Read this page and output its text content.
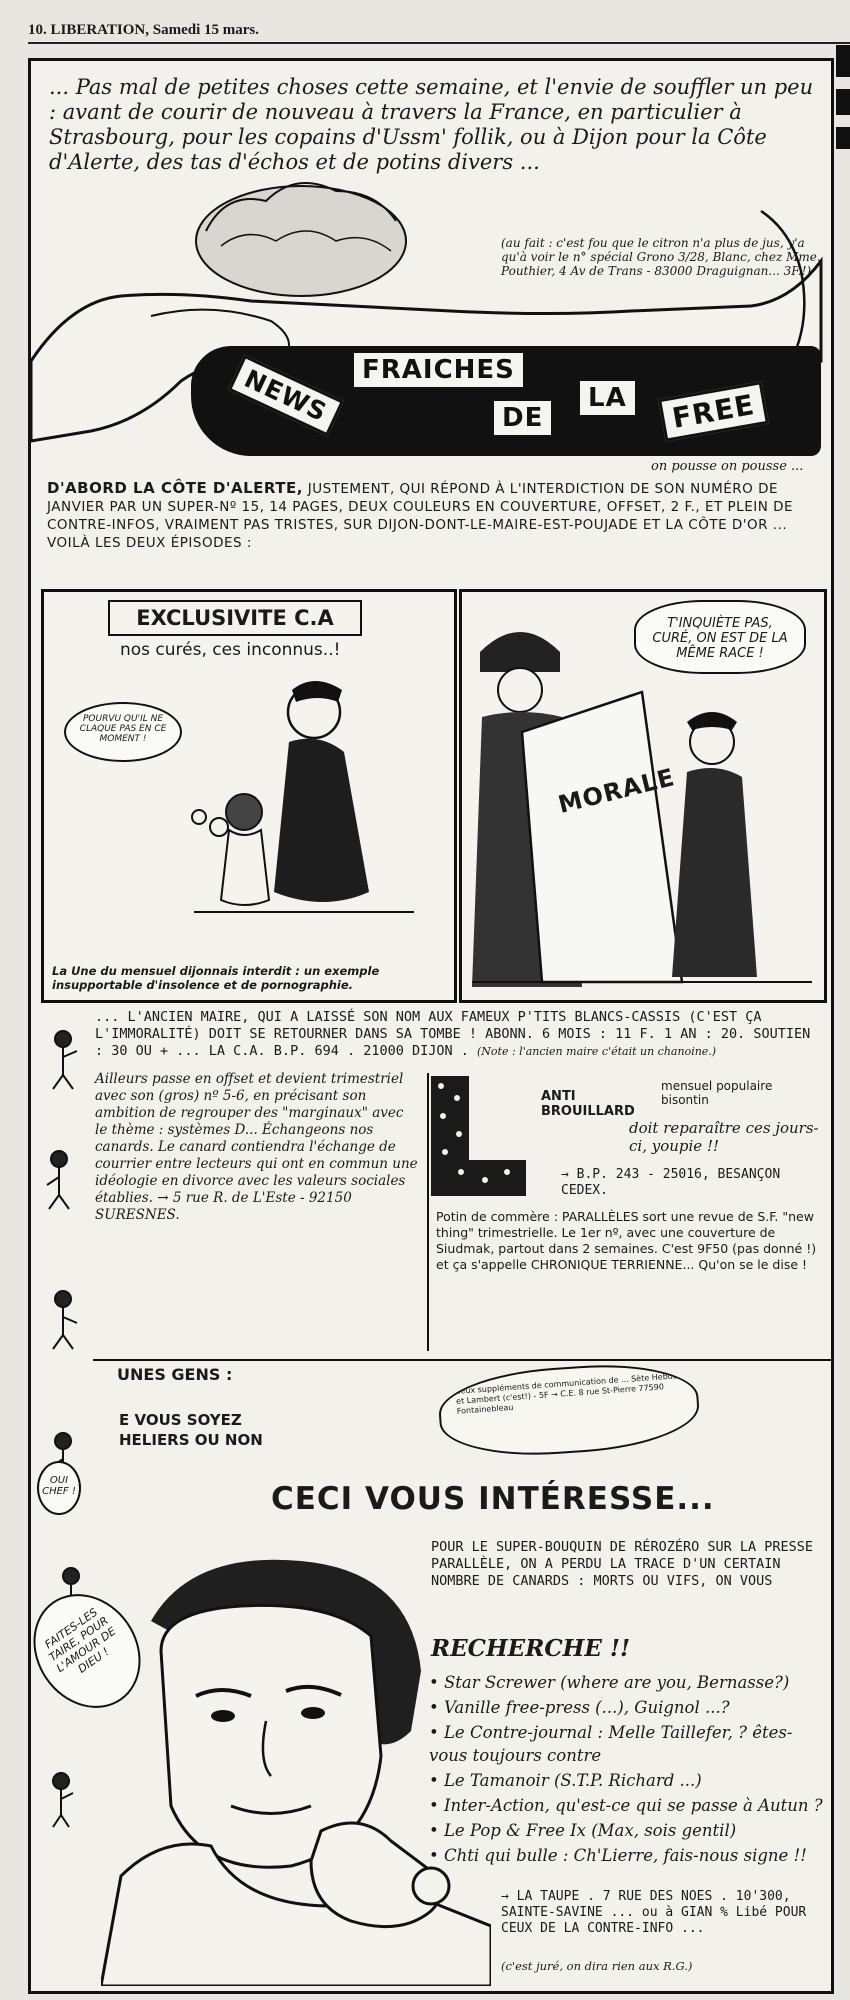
10. LIBERATION, Samedi 15 mars.
... Pas mal de petites choses cette semaine, et l'envie de souffler un peu : avant de courir de nouveau à travers la France, en particulier à Strasbourg, pour les copains d'Ussm' follik, ou à Dijon pour la Côte d'Alerte, des tas d'échos et de potins divers ...
(au fait : c'est fou que le citron n'a plus de jus, y'a qu'à voir le n° spécial Grono 3/28, Blanc, chez Mme. Pouthier, 4 Av de Trans - 83000 Draguignan... 3F.!)
NEWS	FRAICHES
DE
LA	FREE
on pousse on pousse ...
D'ABORD LA CÔTE D'ALERTE, JUSTEMENT, QUI RÉPOND À L'INTERDICTION DE SON NUMÉRO DE JANVIER PAR UN SUPER-Nº 15, 14 PAGES, DEUX COULEURS EN COUVERTURE, OFFSET, 2 F., ET PLEIN DE CONTRE-INFOS, VRAIMENT PAS TRISTES, SUR DIJON-DONT-LE-MAIRE-EST-POUJADE ET LA CÔTE D'OR ... VOILÀ LES DEUX ÉPISODES :
EXCLUSIVITE C.A
nos curés, ces inconnus..!
POURVU QU'IL NE CLAQUE PAS EN CE MOMENT !
La Une du mensuel dijonnais interdit : un exemple insupportable d'insolence et de pornographie.
T'INQUIÈTE PAS, CURÉ, ON EST DE LA MÊME RACE !
MORALE
... L'ANCIEN MAIRE, QUI A LAISSÉ SON NOM AUX FAMEUX P'TITS BLANCS-CASSIS (C'EST ÇA L'IMMORALITÉ) DOIT SE RETOURNER DANS SA TOMBE ! ABONN. 6 MOIS : 11 F. 1 AN : 20. SOUTIEN : 30 OU + ... LA C.A. B.P. 694 . 21000 DIJON . (Note : l'ancien maire c'était un chanoine.)
Ailleurs passe en offset et devient trimestriel avec son (gros) nº 5-6, en précisant son ambition de regrouper des "marginaux" avec le thème : systèmes D... Échangeons nos canards. Le canard contiendra l'échange de courrier entre lecteurs qui ont en commun une idéologie en divorce avec les valeurs sociales établies. → 5 rue R. de L'Este - 92150 SURESNES.
ANTI BROUILLARD
mensuel populaire bisontin
doit reparaître ces jours-ci, youpie !!
→ B.P. 243 - 25016, BESANÇON CEDEX.
Potin de commère : PARALLÈLES sort une revue de S.F. "new thing" trimestrielle. Le 1er nº, avec une couverture de Siudmak, partout dans 2 semaines. C'est 9F50 (pas donné !) et ça s'appelle CHRONIQUE TERRIENNE... Qu'on se le dise !
UNES GENS :
E VOUS SOYEZ
HELIERS OU NON
deux suppléments de communication de ... Sète Hebdo et Lambert (c'est!) - 5F → C.E. 8 rue St-Pierre 77590 Fontainebleau
CECI VOUS INTÉRESSE...
OUI CHEF !
FAITES-LES TAIRE, POUR L'AMOUR DE DIEU !
POUR LE SUPER-BOUQUIN DE RÉROZÉRO SUR LA PRESSE PARALLÈLE, ON A PERDU LA TRACE D'UN CERTAIN NOMBRE DE CANARDS : MORTS OU VIFS, ON VOUS
RECHERCHE !!
• Star Screwer (where are you, Bernasse?)
• Vanille free-press (...), Guignol ...?
• Le Contre-journal : Melle Taillefer, ? êtes-vous toujours contre
• Le Tamanoir (S.T.P. Richard ...)
• Inter-Action, qu'est-ce qui se passe à Autun ?
• Le Pop & Free Ix (Max, sois gentil)
• Chti qui bulle : Ch'Lierre, fais-nous signe !!
→ LA TAUPE . 7 RUE DES NOES . 10'300, SAINTE-SAVINE ... ou à GIAN % Libé POUR CEUX DE LA CONTRE-INFO ...
(c'est juré, on dira rien aux R.G.)
